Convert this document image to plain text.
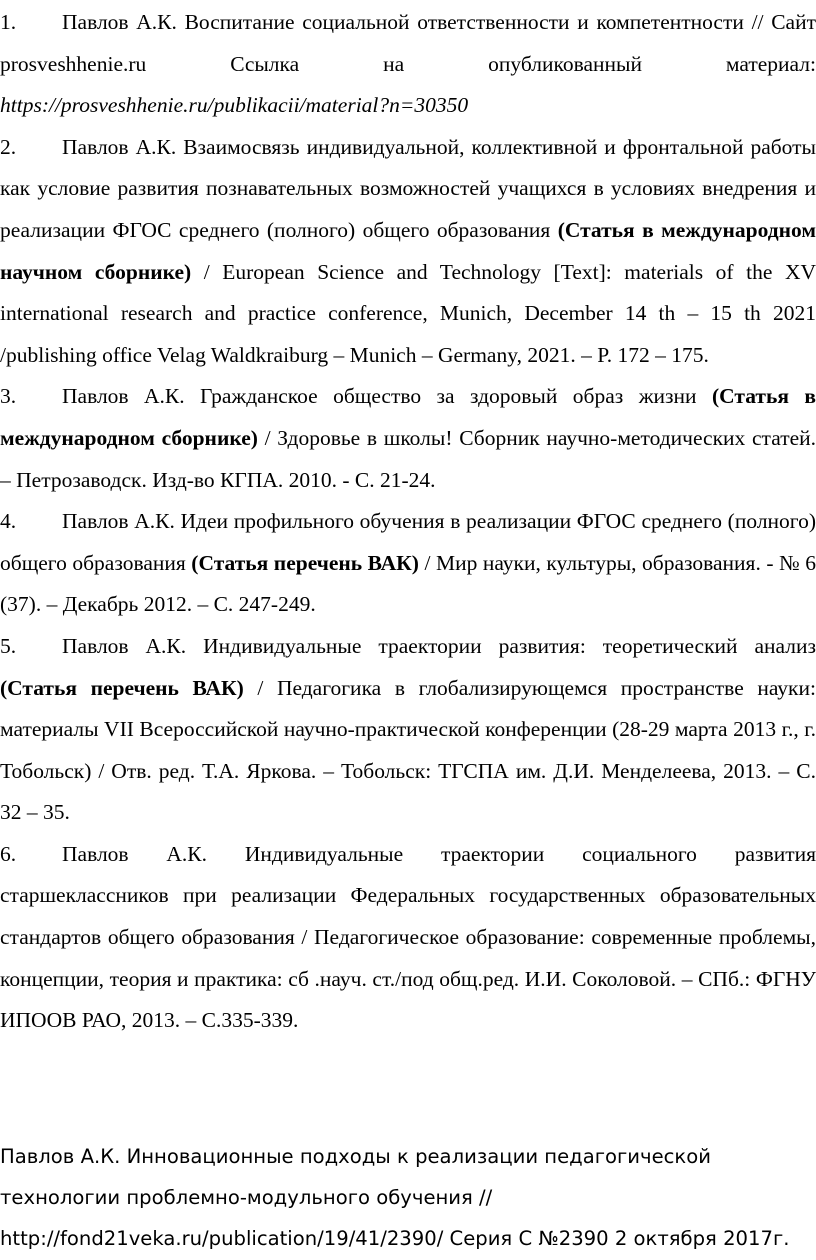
1. Павлов А.К. Воспитание социальной ответственности и компетентности // Сайт prosveshhenie.ru Ссылка на опубликованный материал: https://prosveshhenie.ru/publikacii/material?n=30350

2. Павлов А.К. Взаимосвязь индивидуальной, коллективной и фронтальной работы как условие развития познавательных возможностей учащихся в условиях внедрения и реализации ФГОС среднего (полного) общего образования (Статья в международном научном сборнике) / European Science and Technology [Text]: materials of the XV international research and practice conference, Munich, December 14 th – 15 th 2021 /publishing office Velag Waldkraiburg – Munich – Germany, 2021. – P. 172 – 175.

3. Павлов А.К. Гражданское общество за здоровый образ жизни (Статья в международном сборнике) / Здоровье в школы! Сборник научно-методических статей. – Петрозаводск. Изд-во КГПА. 2010. - С. 21-24.

4. Павлов А.К. Идеи профильного обучения в реализации ФГОС среднего (полного) общего образования (Статья перечень ВАК) / Мир науки, культуры, образования. - № 6 (37). – Декабрь 2012. – С. 247-249.

5. Павлов А.К. Индивидуальные траектории развития: теоретический анализ (Статья перечень ВАК) / Педагогика в глобализирующемся пространстве науки: материалы VII Всероссийской научно-практической конференции (28-29 марта 2013 г., г. Тобольск) / Отв. ред. Т.А. Яркова. – Тобольск: ТГСПА им. Д.И. Менделеева, 2013. – С. 32 – 35.

6. Павлов А.К. Индивидуальные траектории социального развития старшеклассников при реализации Федеральных государственных образовательных стандартов общего образования / Педагогическое образование: современные проблемы, концепции, теория и практика: сб .науч. ст./под общ.ред. И.И. Соколовой. – СПб.: ФГНУ ИПООВ РАО, 2013. – С.335-339.

Павлов А.К. Инновационные подходы к реализации педагогической
технологии проблемно-модульного обучения //
http://fond21veka.ru/publication/19/41/2390/ Серия С №2390 2 октября 2017г.
